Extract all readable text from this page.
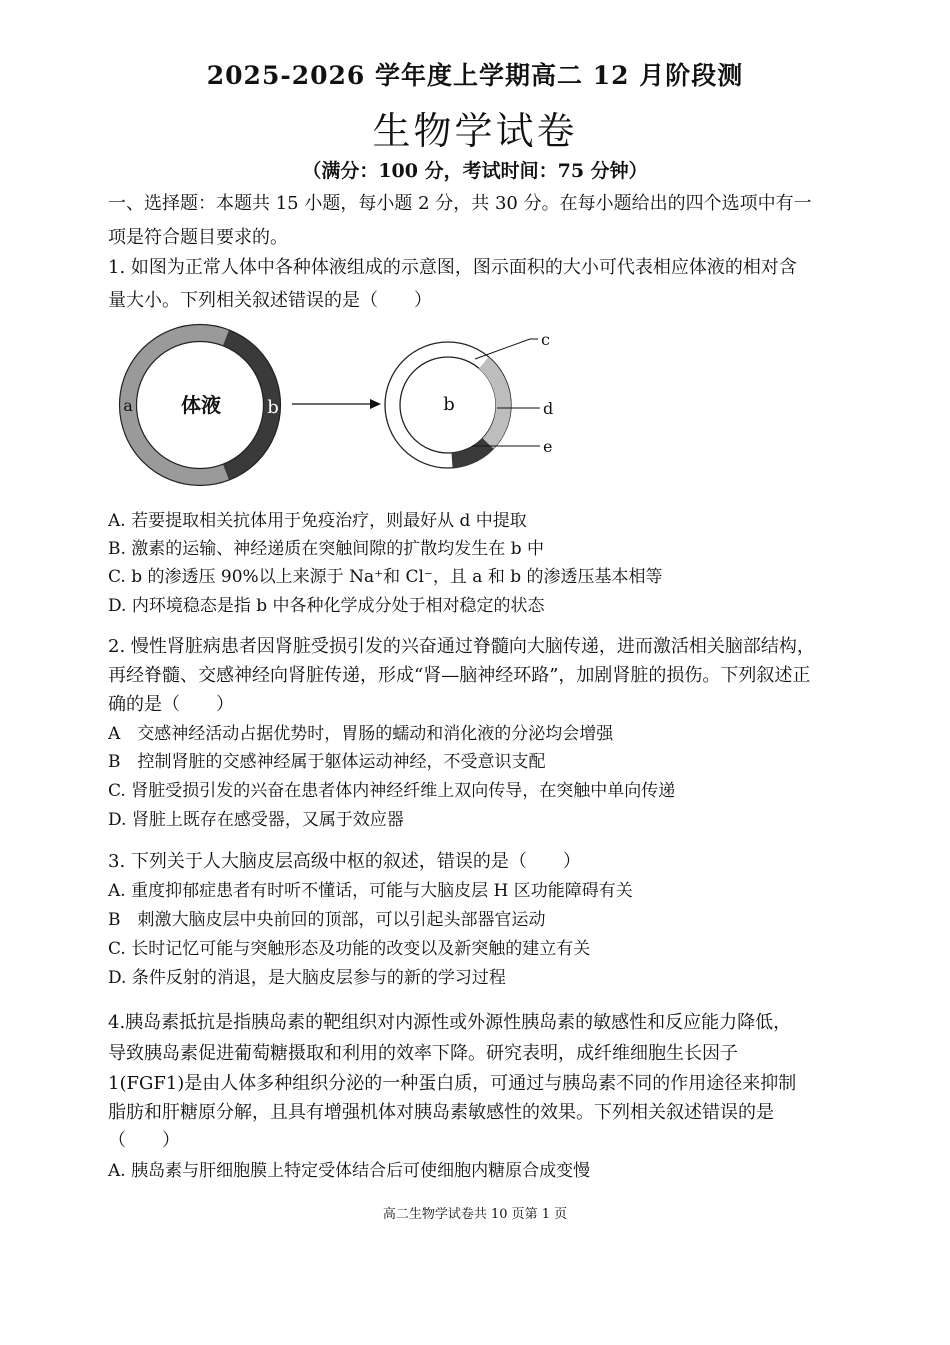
2025-2026 学年度上学期高二 12 月阶段测
生物学试卷
（满分：100 分，考试时间：75 分钟）
一、选择题：本题共 15 小题，每小题 2 分，共 30 分。在每小题给出的四个选项中有一
项是符合题目要求的。
1. 如图为正常人体中各种体液组成的示意图，图示面积的大小可代表相应体液的相对含
量大小。下列相关叙述错误的是（　　）
体液
a	b	b
c
d
e
A. 若要提取相关抗体用于免疫治疗，则最好从 d 中提取
B. 激素的运输、神经递质在突触间隙的扩散均发生在 b 中
C. b 的渗透压 90%以上来源于 Na⁺和 Cl⁻，且 a 和 b 的渗透压基本相等
D. 内环境稳态是指 b 中各种化学成分处于相对稳定的状态
2. 慢性肾脏病患者因肾脏受损引发的兴奋通过脊髓向大脑传递，进而激活相关脑部结构，
再经脊髓、交感神经向肾脏传递，形成“肾—脑神经环路”，加剧肾脏的损伤。下列叙述正
确的是（　　）
A　交感神经活动占据优势时，胃肠的蠕动和消化液的分泌均会增强
B　控制肾脏的交感神经属于躯体运动神经，不受意识支配
C. 肾脏受损引发的兴奋在患者体内神经纤维上双向传导，在突触中单向传递
D. 肾脏上既存在感受器，又属于效应器
3. 下列关于人大脑皮层高级中枢的叙述，错误的是（　　）
A. 重度抑郁症患者有时听不懂话，可能与大脑皮层 H 区功能障碍有关
B　刺激大脑皮层中央前回的顶部，可以引起头部器官运动
C. 长时记忆可能与突触形态及功能的改变以及新突触的建立有关
D. 条件反射的消退，是大脑皮层参与的新的学习过程
4.胰岛素抵抗是指胰岛素的靶组织对内源性或外源性胰岛素的敏感性和反应能力降低，
导致胰岛素促进葡萄糖摄取和利用的效率下降。研究表明，成纤维细胞生长因子
1(FGF1)是由人体多种组织分泌的一种蛋白质，可通过与胰岛素不同的作用途径来抑制
脂肪和肝糖原分解，且具有增强机体对胰岛素敏感性的效果。下列相关叙述错误的是
（　　）
A. 胰岛素与肝细胞膜上特定受体结合后可使细胞内糖原合成变慢
高二生物学试卷共 10 页第 1 页
